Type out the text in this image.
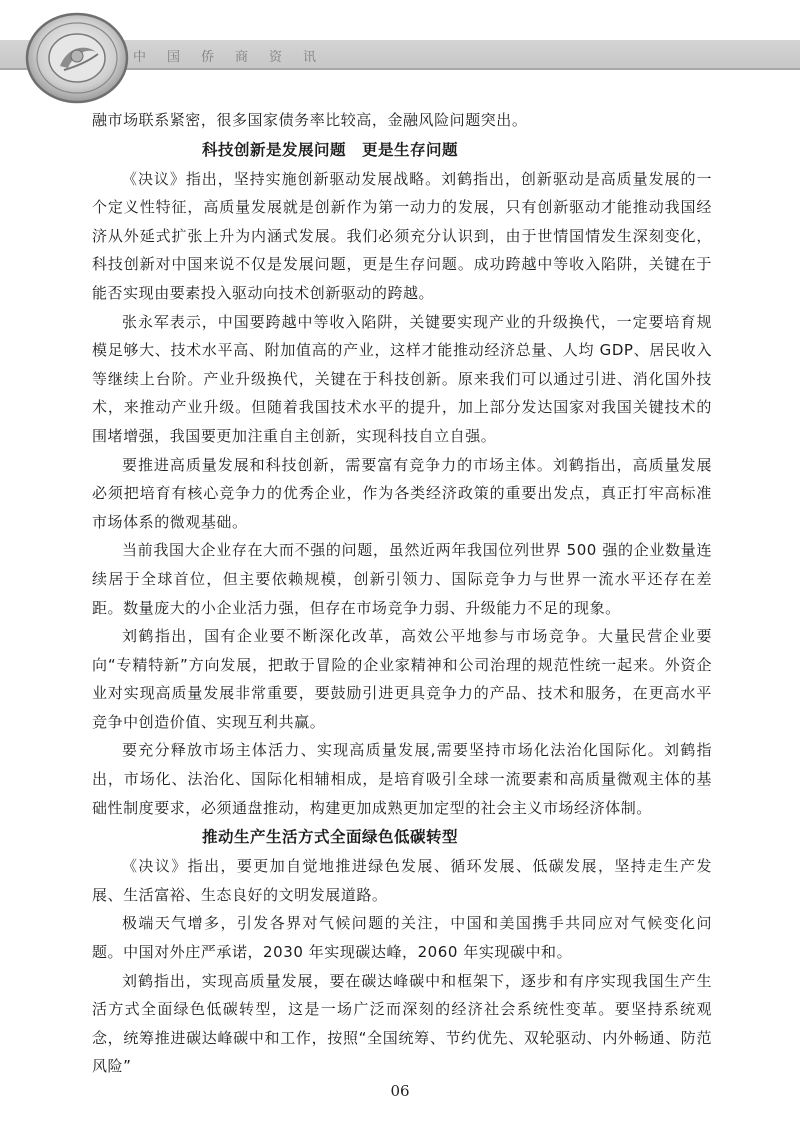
中国侨商资讯
融市场联系紧密，很多国家债务率比较高，金融风险问题突出。
科技创新是发展问题　更是生存问题
《决议》指出，坚持实施创新驱动发展战略。刘鹤指出，创新驱动是高质量发展的一个定义性特征，高质量发展就是创新作为第一动力的发展，只有创新驱动才能推动我国经济从外延式扩张上升为内涵式发展。我们必须充分认识到，由于世情国情发生深刻变化，科技创新对中国来说不仅是发展问题，更是生存问题。成功跨越中等收入陷阱，关键在于能否实现由要素投入驱动向技术创新驱动的跨越。
张永军表示，中国要跨越中等收入陷阱，关键要实现产业的升级换代，一定要培育规模足够大、技术水平高、附加值高的产业，这样才能推动经济总量、人均 GDP、居民收入等继续上台阶。产业升级换代，关键在于科技创新。原来我们可以通过引进、消化国外技术，来推动产业升级。但随着我国技术水平的提升，加上部分发达国家对我国关键技术的围堵增强，我国要更加注重自主创新，实现科技自立自强。
要推进高质量发展和科技创新，需要富有竞争力的市场主体。刘鹤指出，高质量发展必须把培育有核心竞争力的优秀企业，作为各类经济政策的重要出发点，真正打牢高标准市场体系的微观基础。
当前我国大企业存在大而不强的问题，虽然近两年我国位列世界 500 强的企业数量连续居于全球首位，但主要依赖规模，创新引领力、国际竞争力与世界一流水平还存在差距。数量庞大的小企业活力强，但存在市场竞争力弱、升级能力不足的现象。
刘鹤指出，国有企业要不断深化改革，高效公平地参与市场竞争。大量民营企业要向“专精特新”方向发展，把敢于冒险的企业家精神和公司治理的规范性统一起来。外资企业对实现高质量发展非常重要，要鼓励引进更具竞争力的产品、技术和服务，在更高水平竞争中创造价值、实现互利共赢。
要充分释放市场主体活力、实现高质量发展,需要坚持市场化法治化国际化。刘鹤指出，市场化、法治化、国际化相辅相成，是培育吸引全球一流要素和高质量微观主体的基础性制度要求，必须通盘推动，构建更加成熟更加定型的社会主义市场经济体制。
推动生产生活方式全面绿色低碳转型
《决议》指出，要更加自觉地推进绿色发展、循环发展、低碳发展，坚持走生产发展、生活富裕、生态良好的文明发展道路。
极端天气增多，引发各界对气候问题的关注，中国和美国携手共同应对气候变化问题。中国对外庄严承诺，2030 年实现碳达峰，2060 年实现碳中和。
刘鹤指出，实现高质量发展，要在碳达峰碳中和框架下，逐步和有序实现我国生产生活方式全面绿色低碳转型，这是一场广泛而深刻的经济社会系统性变革。要坚持系统观念，统筹推进碳达峰碳中和工作，按照“全国统筹、节约优先、双轮驱动、内外畅通、防范风险”
06
